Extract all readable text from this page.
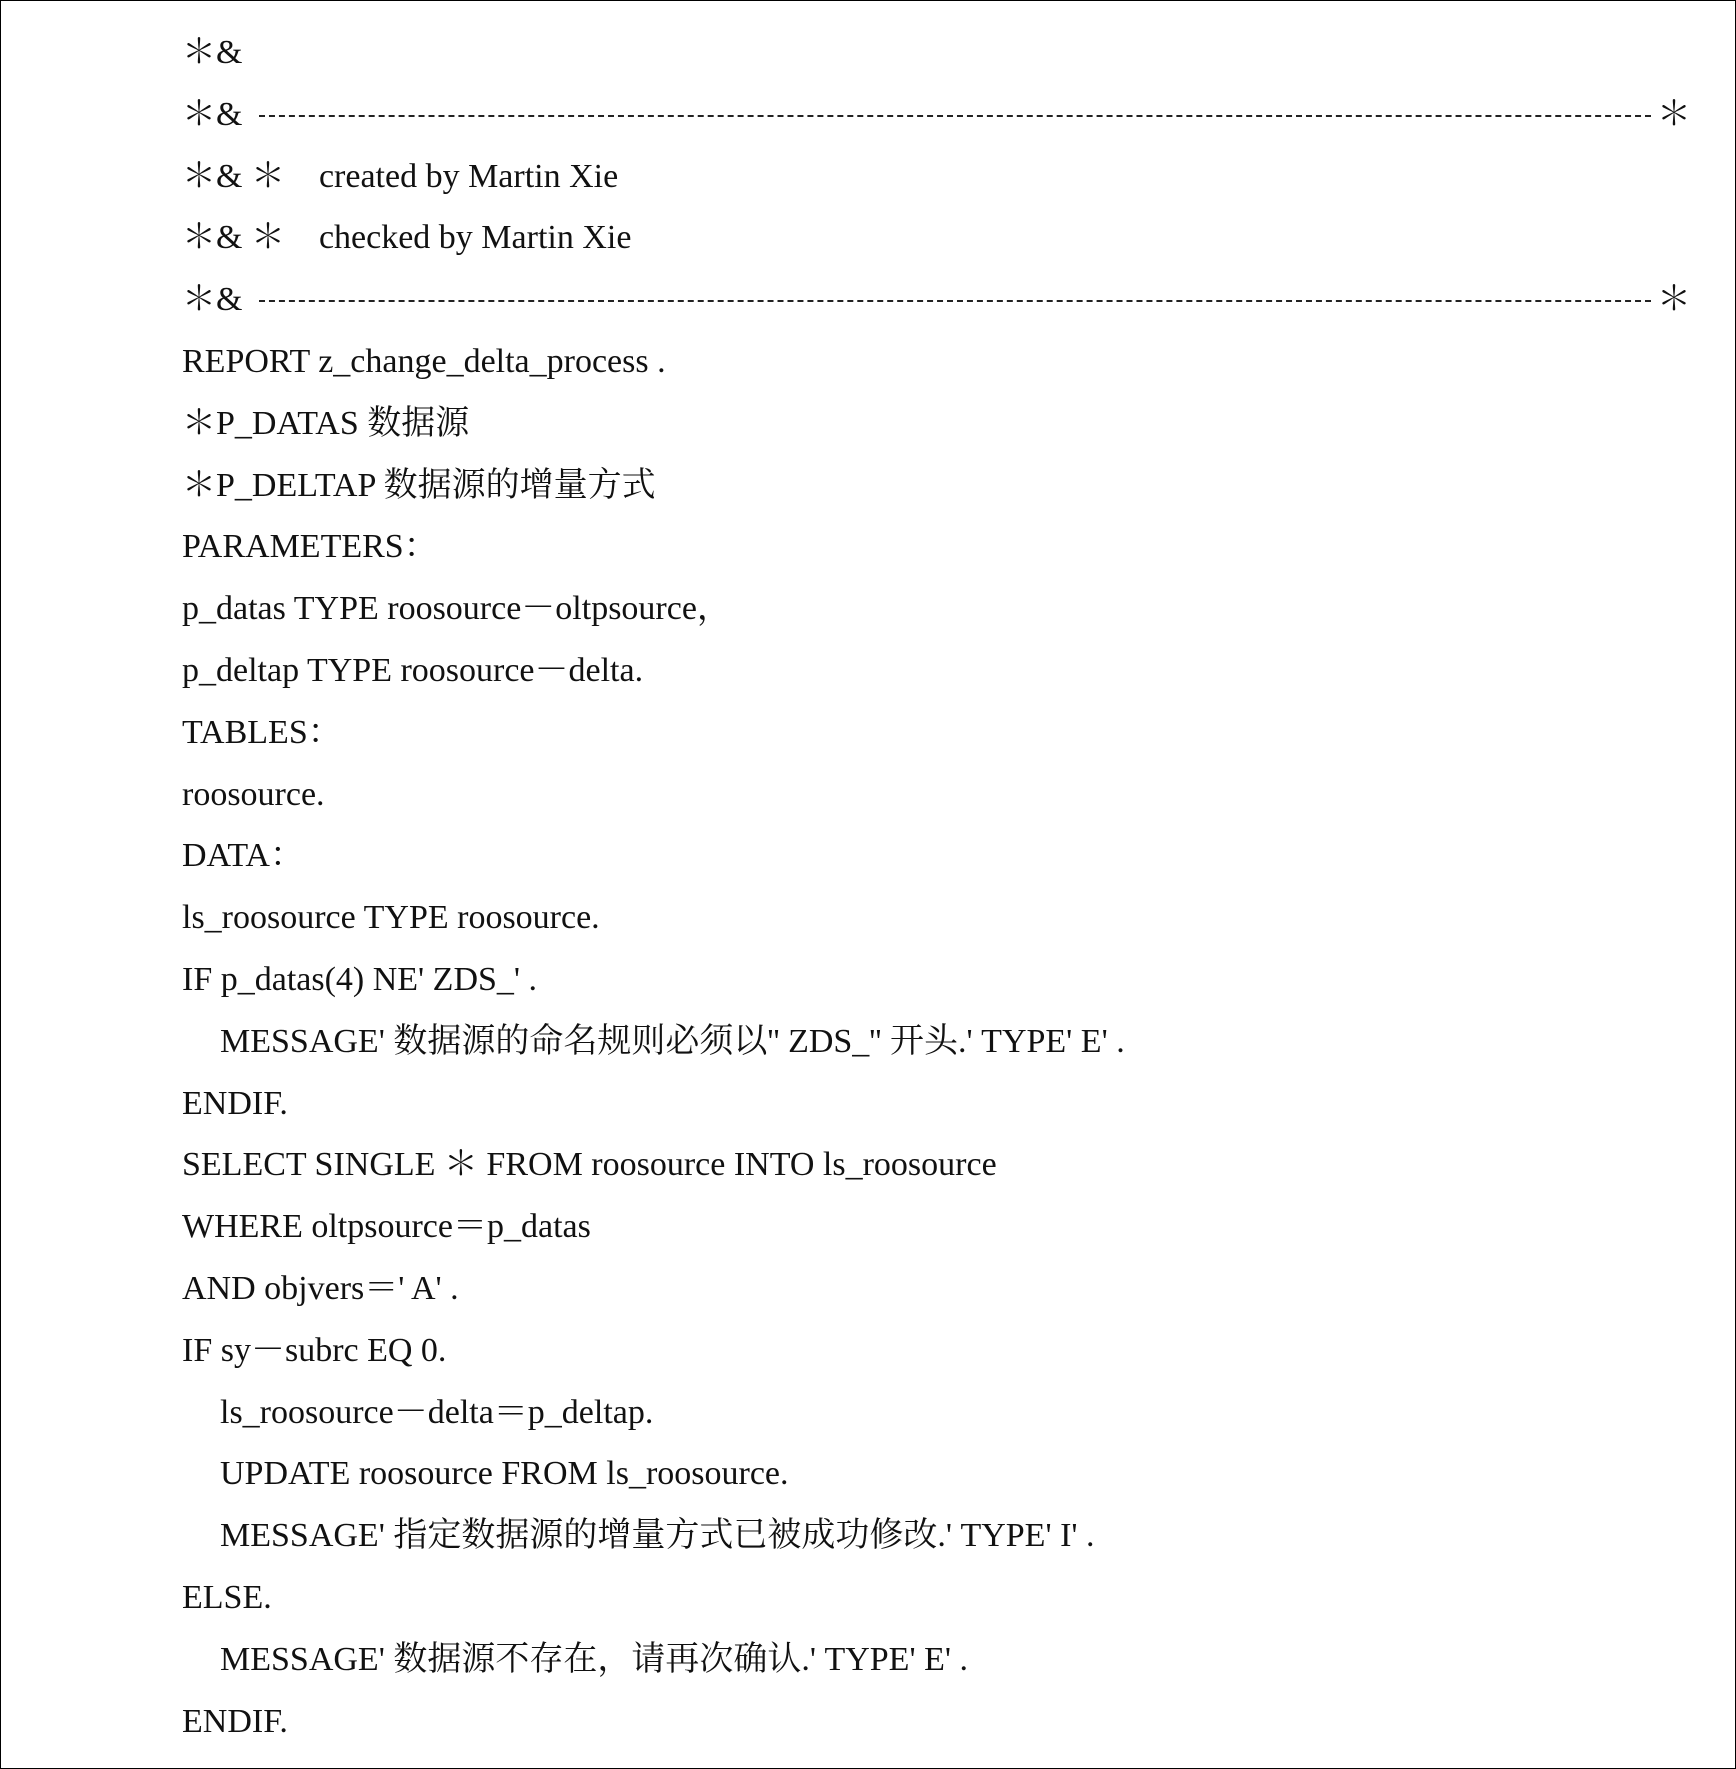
＊&
＊&	＊
＊& ＊    created by Martin Xie
＊& ＊    checked by Martin Xie
＊&	＊
REPORT z_change_delta_process .
＊P_DATAS 数据源
＊P_DELTAP 数据源的增量方式
PARAMETERS：
p_datas TYPE roosource－oltpsource，
p_deltap TYPE roosource－delta.
TABLES：
roosource.
DATA：
ls_roosource TYPE roosource.
IF p_datas(4) NE' ZDS_' .
MESSAGE' 数据源的命名规则必须以'' ZDS_'' 开头.' TYPE' E' .
ENDIF.
SELECT SINGLE ＊ FROM roosource INTO ls_roosource
WHERE oltpsource＝p_datas
AND objvers＝' A' .
IF sy－subrc EQ 0.
ls_roosource－delta＝p_deltap.
UPDATE roosource FROM ls_roosource.
MESSAGE' 指定数据源的增量方式已被成功修改.' TYPE' I' .
ELSE.
MESSAGE' 数据源不存在，请再次确认.' TYPE' E' .
ENDIF.
